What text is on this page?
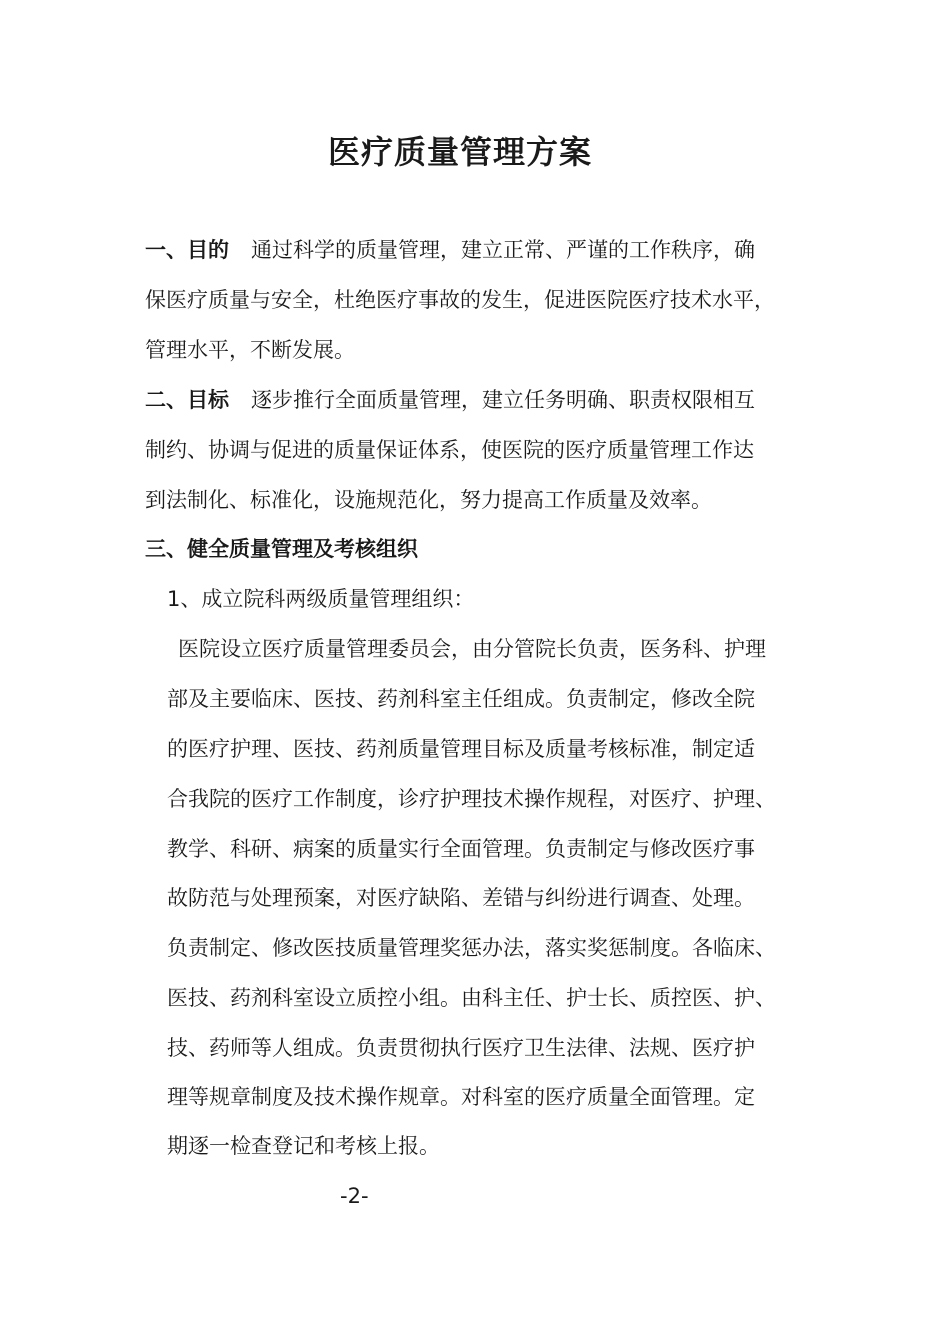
医疗质量管理方案
一、目的 通过科学的质量管理，建立正常、严谨的工作秩序，确
保医疗质量与安全，杜绝医疗事故的发生，促进医院医疗技术水平，
管理水平，不断发展。
二、目标 逐步推行全面质量管理，建立任务明确、职责权限相互
制约、协调与促进的质量保证体系，使医院的医疗质量管理工作达
到法制化、标准化，设施规范化，努力提高工作质量及效率。
三、健全质量管理及考核组织
1、成立院科两级质量管理组织：
医院设立医疗质量管理委员会，由分管院长负责，医务科、护理
部及主要临床、医技、药剂科室主任组成。负责制定，修改全院
的医疗护理、医技、药剂质量管理目标及质量考核标准，制定适
合我院的医疗工作制度，诊疗护理技术操作规程，对医疗、护理、
教学、科研、病案的质量实行全面管理。负责制定与修改医疗事
故防范与处理预案，对医疗缺陷、差错与纠纷进行调查、处理。
负责制定、修改医技质量管理奖惩办法，落实奖惩制度。各临床、
医技、药剂科室设立质控小组。由科主任、护士长、质控医、护、
技、药师等人组成。负责贯彻执行医疗卫生法律、法规、医疗护
理等规章制度及技术操作规章。对科室的医疗质量全面管理。定
期逐一检查登记和考核上报。
-2-
